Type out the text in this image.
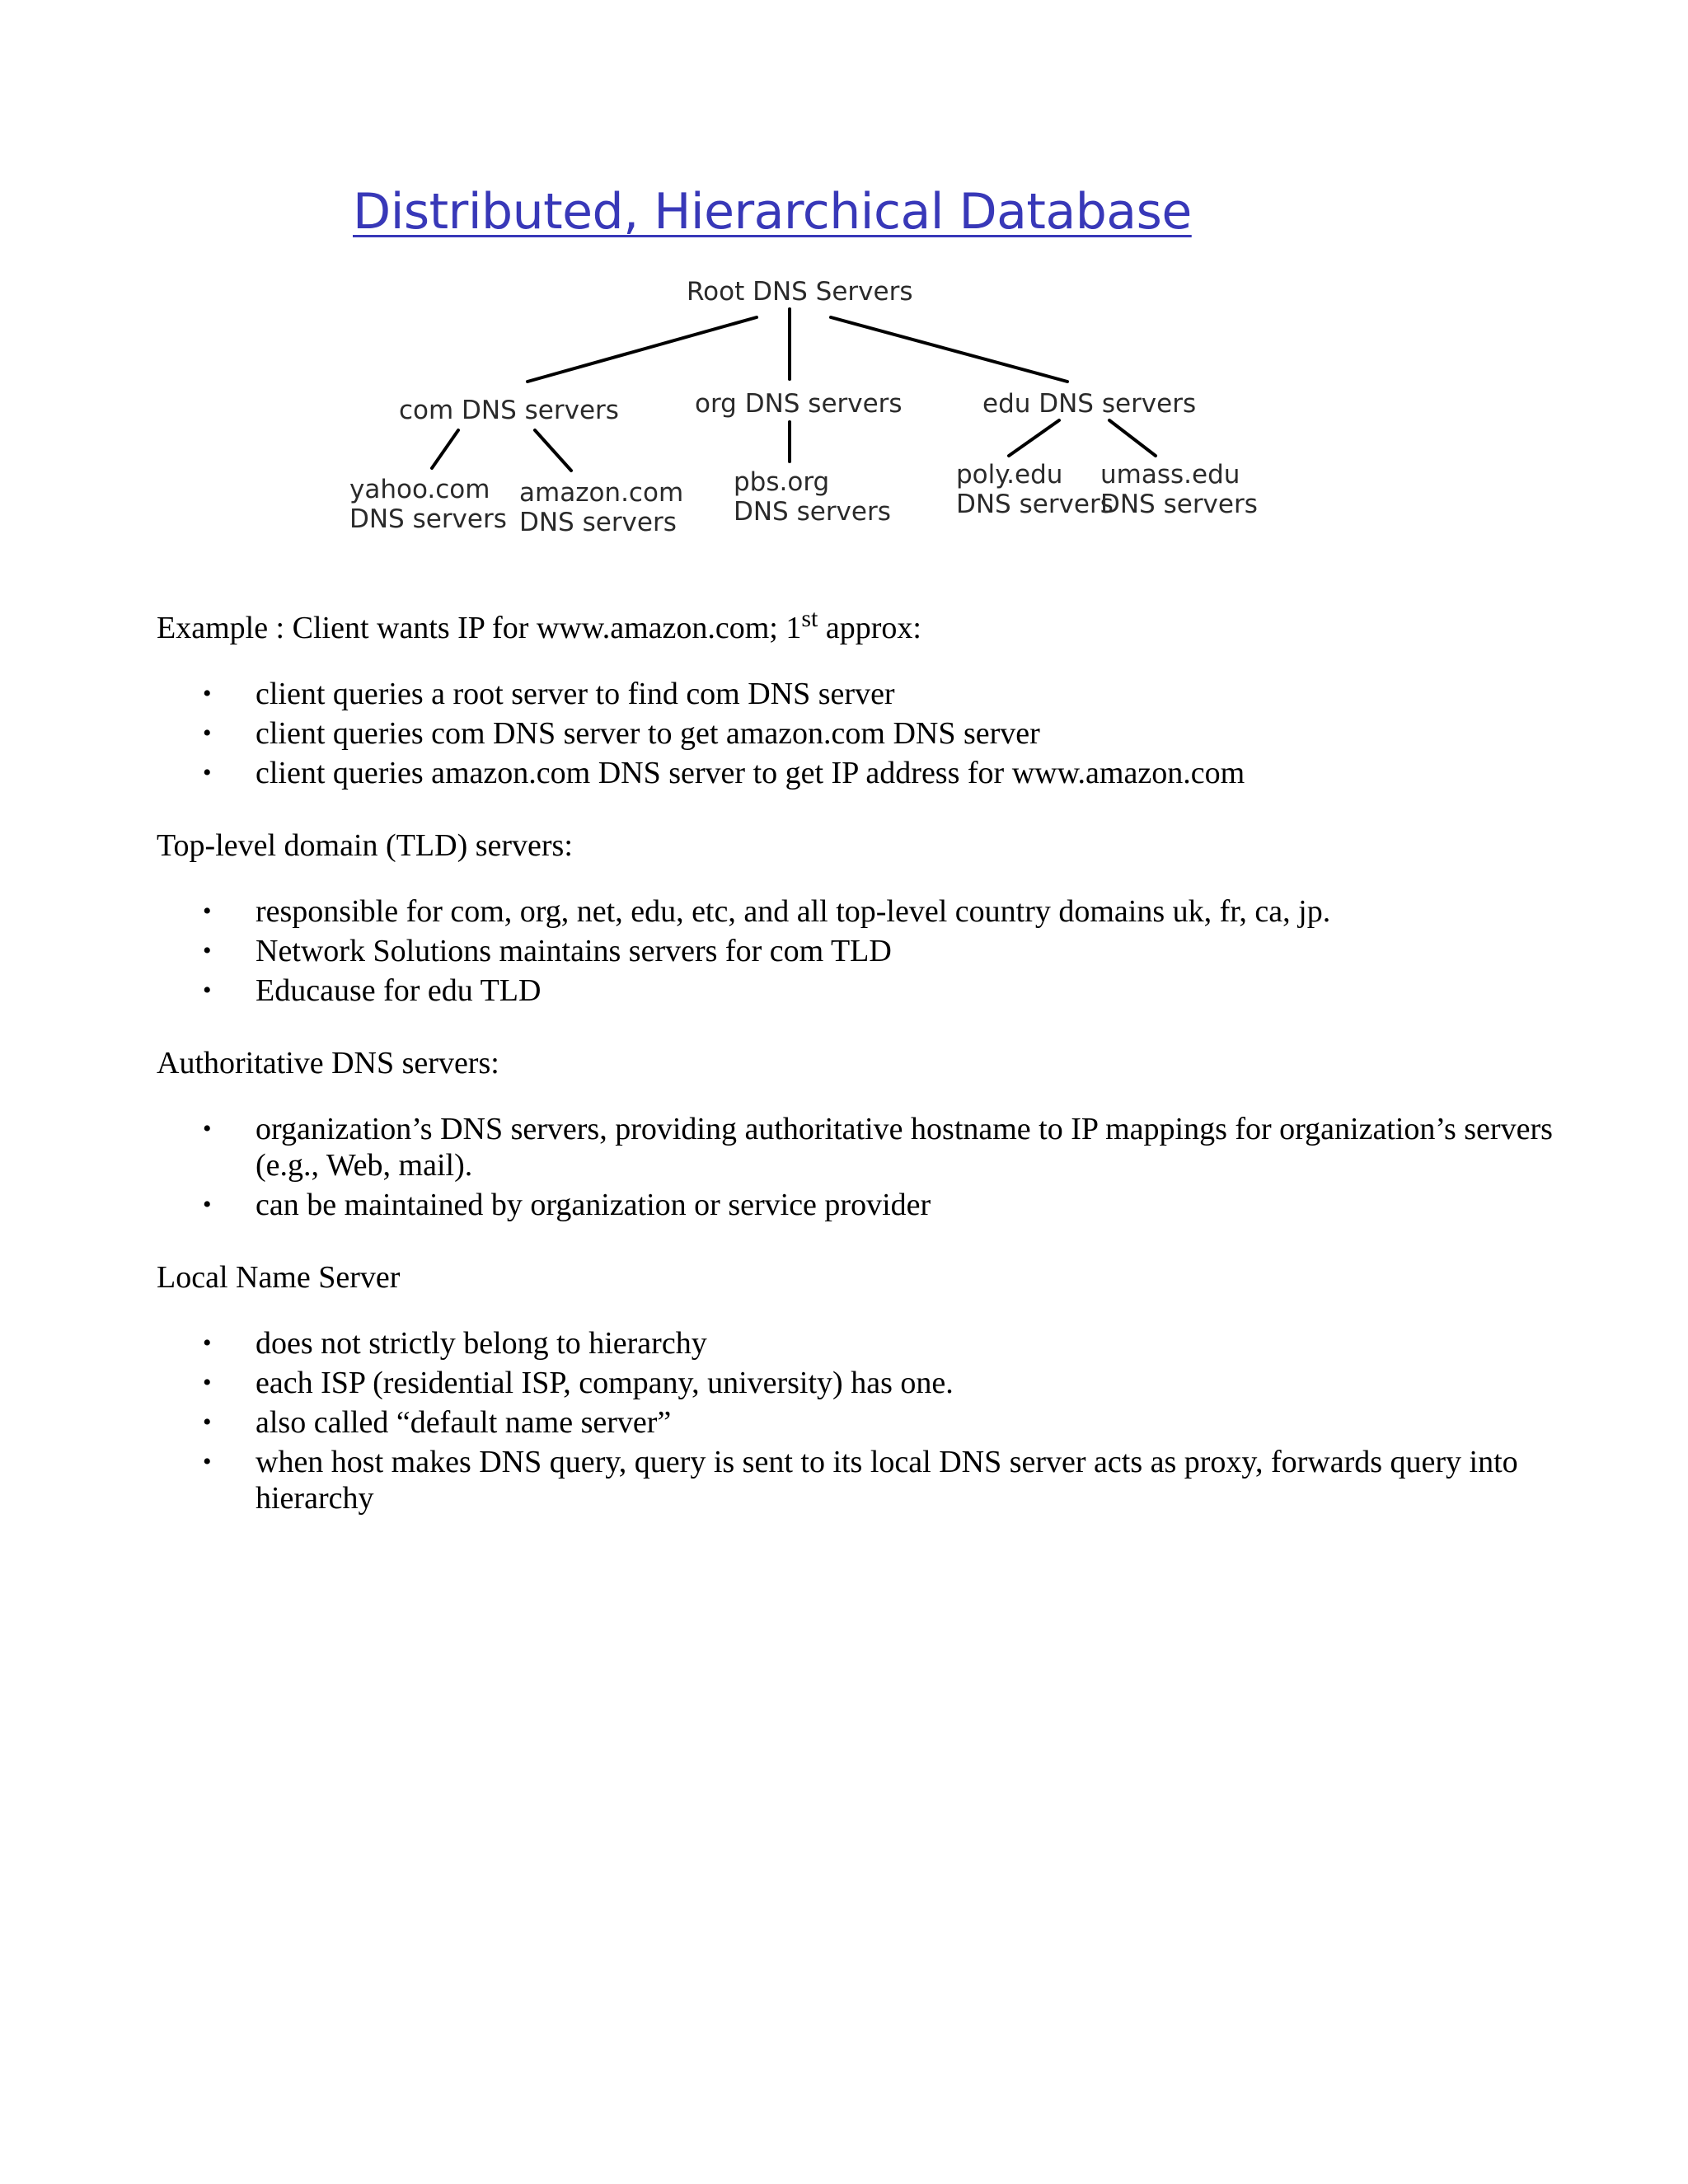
Distributed, Hierarchical Database
Root DNS Servers
com DNS servers	org DNS servers	edu DNS servers
yahoo.com
DNS servers
amazon.com
DNS servers
pbs.org
DNS servers
poly.edu
DNS servers
umass.edu
DNS servers

Example : Client wants IP for www.amazon.com; 1st approx:

• client queries a root server to find com DNS server
• client queries com DNS server to get amazon.com DNS server
• client queries amazon.com DNS server to get IP address for www.amazon.com

Top-level domain (TLD) servers:

• responsible for com, org, net, edu, etc, and all top-level country domains uk, fr, ca, jp.
• Network Solutions maintains servers for com TLD
• Educause for edu TLD

Authoritative DNS servers:

• organization’s DNS servers, providing authoritative hostname to IP mappings for organization’s servers (e.g., Web, mail).
• can be maintained by organization or service provider

Local Name Server

• does not strictly belong to hierarchy
• each ISP (residential ISP, company, university) has one.
• also called “default name server”
• when host makes DNS query, query is sent to its local DNS server acts as proxy, forwards query into hierarchy
